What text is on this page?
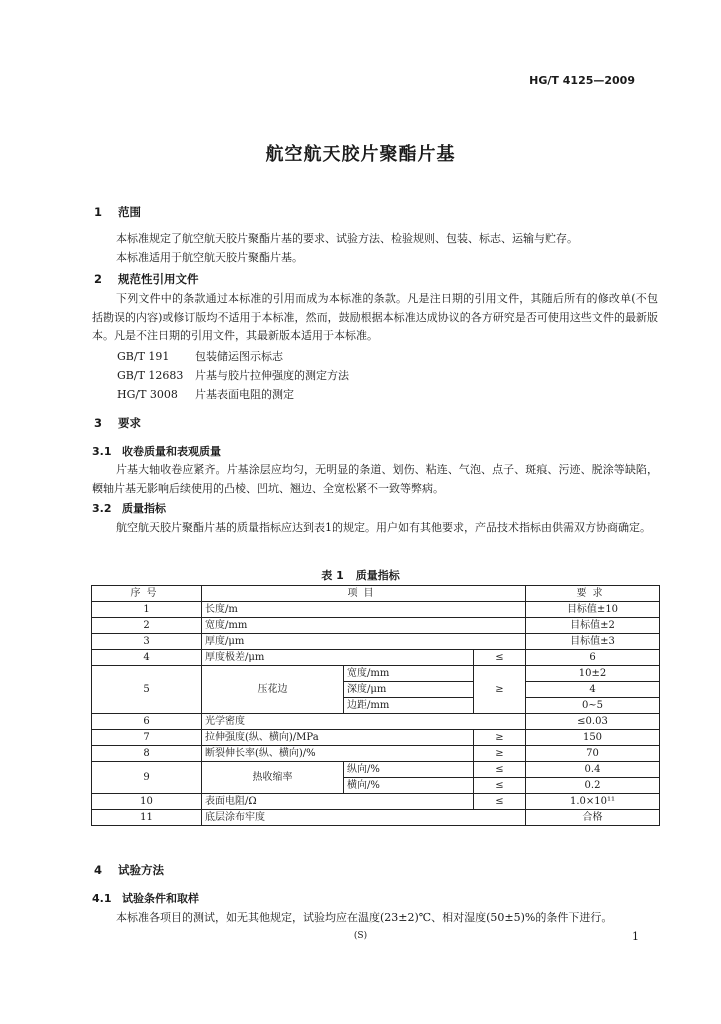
HG/T 4125—2009
航空航天胶片聚酯片基
1 范围
本标准规定了航空航天胶片聚酯片基的要求、试验方法、检验规则、包装、标志、运输与贮存。
本标准适用于航空航天胶片聚酯片基。
2 规范性引用文件
下列文件中的条款通过本标准的引用而成为本标准的条款。凡是注日期的引用文件，其随后所有的修改单(不包括勘误的内容)或修订版均不适用于本标准，然而，鼓励根据本标准达成协议的各方研究是否可使用这些文件的最新版本。凡是不注日期的引用文件，其最新版本适用于本标准。
GB/T 191 包装储运图示标志
GB/T 12683 片基与胶片拉伸强度的测定方法
HG/T 3008 片基表面电阻的测定
3 要求
3.1 收卷质量和表观质量
片基大轴收卷应紧齐。片基涂层应均匀，无明显的条道、划伤、粘连、气泡、点子、斑痕、污迹、脱涂等缺陷，輭轴片基无影响后续使用的凸棱、凹坑、翘边、全宽松紧不一致等弊病。
3.2 质量指标
航空航天胶片聚酯片基的质量指标应达到表1的规定。用户如有其他要求，产品技术指标由供需双方协商确定。
表 1 质量指标
序号	项目			要求
1	长度/m			目标值±10
2	宽度/mm			目标值±2
3	厚度/μm			目标值±3
4	厚度极差/μm		≤	6
5	压花边	宽度/mm	≥	10±2
		深度/μm		4
		边距/mm		0~5
6	光学密度			≤0.03
7	拉伸强度(纵、横向)/MPa		≥	150
8	断裂伸长率(纵、横向)/%		≥	70
9	热收缩率	纵向/%	≤	0.4
		横向/%	≤	0.2
10	表面电阻/Ω		≤	1.0×10¹¹
11	底层涂布牢度			合格
4 试验方法
4.1 试验条件和取样
本标准各项目的测试，如无其他规定，试验均应在温度(23±2)℃、相对湿度(50±5)%的条件下进行。
(S)	1
